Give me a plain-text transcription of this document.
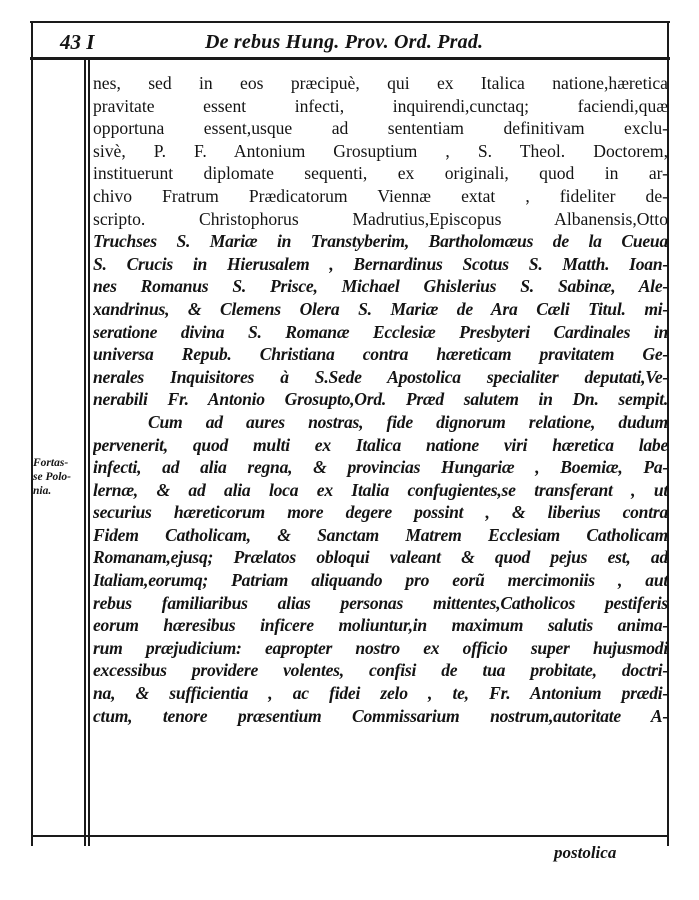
43 I	De rebus Hung. Prov. Ord. Prad.
Fortas-
se Polo-
nia.
nes, sed in eos præcipuè, qui ex Italica natione,hæretica
pravitate essent infecti, inquirendi,cunctaq; faciendi,quæ
opportuna essent,usque ad sententiam definitivam exclu-
sivè, P. F. Antonium Grosuptium , S. Theol. Doctorem,
instituerunt diplomate sequenti, ex originali, quod in ar-
chivo Fratrum Prædicatorum Viennæ extat , fideliter de-
scripto. Christophorus Madrutius,Episcopus Albanensis,Otto
Truchses S. Mariæ in Transtyberim, Bartholomæus de la Cueua
S. Crucis in Hierusalem , Bernardinus Scotus S. Matth. Ioan-
nes Romanus S. Prisce, Michael Ghislerius S. Sabinæ, Ale-
xandrinus, & Clemens Olera S. Mariæ de Ara Cæli Titul. mi-
seratione divina S. Romanæ Ecclesiæ Presbyteri Cardinales in
universa Repub. Christiana contra hæreticam pravitatem Ge-
nerales Inquisitores à S.Sede Apostolica specialiter deputati,Ve-
nerabili Fr. Antonio Grosupto,Ord. Præd salutem in Dn. sempit.
Cum ad aures nostras, fide dignorum relatione, dudum
pervenerit, quod multi ex Italica natione viri hæretica labe
infecti, ad alia regna, & provincias Hungariæ , Boemiæ, Pa-
lernæ, & ad alia loca ex Italia confugientes,se transferant , ut
securius hæreticorum more degere possint , & liberius contra
Fidem Catholicam, & Sanctam Matrem Ecclesiam Catholicam
Romanam,ejusq; Prælatos obloqui valeant & quod pejus est, ad
Italiam,eorumq; Patriam aliquando pro eorũ mercimoniis , aut
rebus familiaribus alias personas mittentes,Catholicos pestiferis
eorum hæresibus inficere moliuntur,in maximum salutis anima-
rum præjudicium: eapropter nostro ex officio super hujusmodi
excessibus providere volentes, confisi de tua probitate, doctri-
na, & sufficientia , ac fidei zelo , te, Fr. Antonium prædi-
ctum, tenore præsentium Commissarium nostrum,autoritate A-
postolica
